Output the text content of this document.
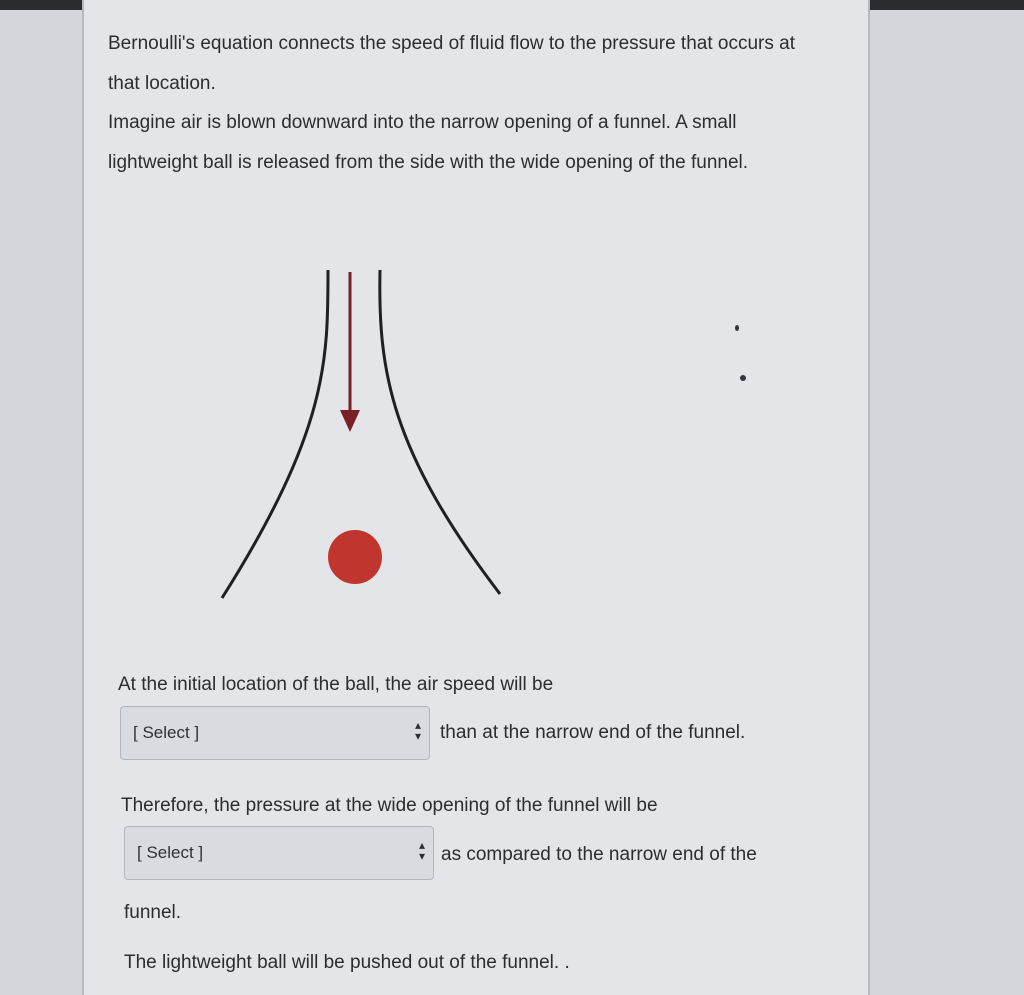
Bernoulli's equation connects the speed of fluid flow to the pressure that occurs at that location.

Imagine air is blown downward into the narrow opening of a funnel. A small lightweight ball is released from the side with the wide opening of the funnel.

At the initial location of the ball, the air speed will be

[ Select ]	▴
▾ than at the narrow end of the funnel.

Therefore, the pressure at the wide opening of the funnel will be

[ Select ]	▴
▾ as compared to the narrow end of the

funnel.

The lightweight ball will be pushed out of the funnel. .
